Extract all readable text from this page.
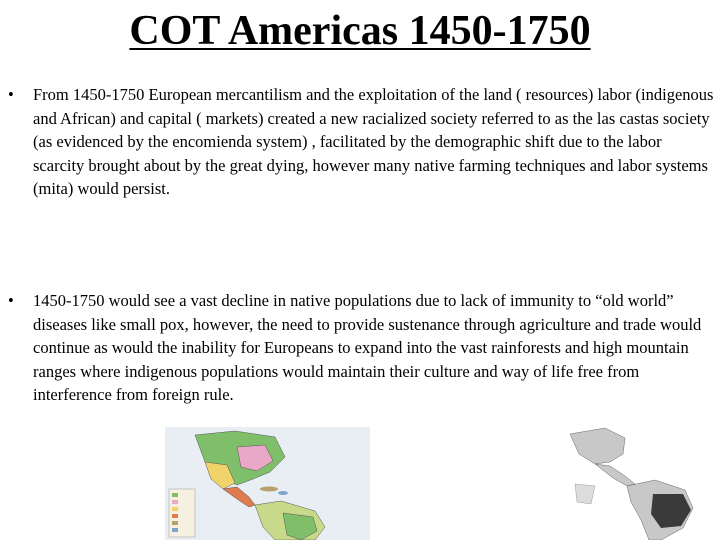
COT Americas 1450-1750
•	From 1450-1750 European mercantilism and the exploitation of the land ( resources) labor (indigenous and African) and capital ( markets) created a new racialized society referred to as the las castas society (as evidenced by the encomienda system) , facilitated by the demographic shift due to the labor scarcity brought about by the great dying, however many native farming techniques and labor systems (mita) would persist.
•	1450-1750 would see a vast decline in native populations due to lack of immunity to “old world” diseases like small pox, however, the need to provide sustenance through agriculture and trade would continue as would the inability for Europeans to expand into the vast rainforests and high mountain ranges where indigenous populations would maintain their culture and way of life free from interference from foreign rule.
